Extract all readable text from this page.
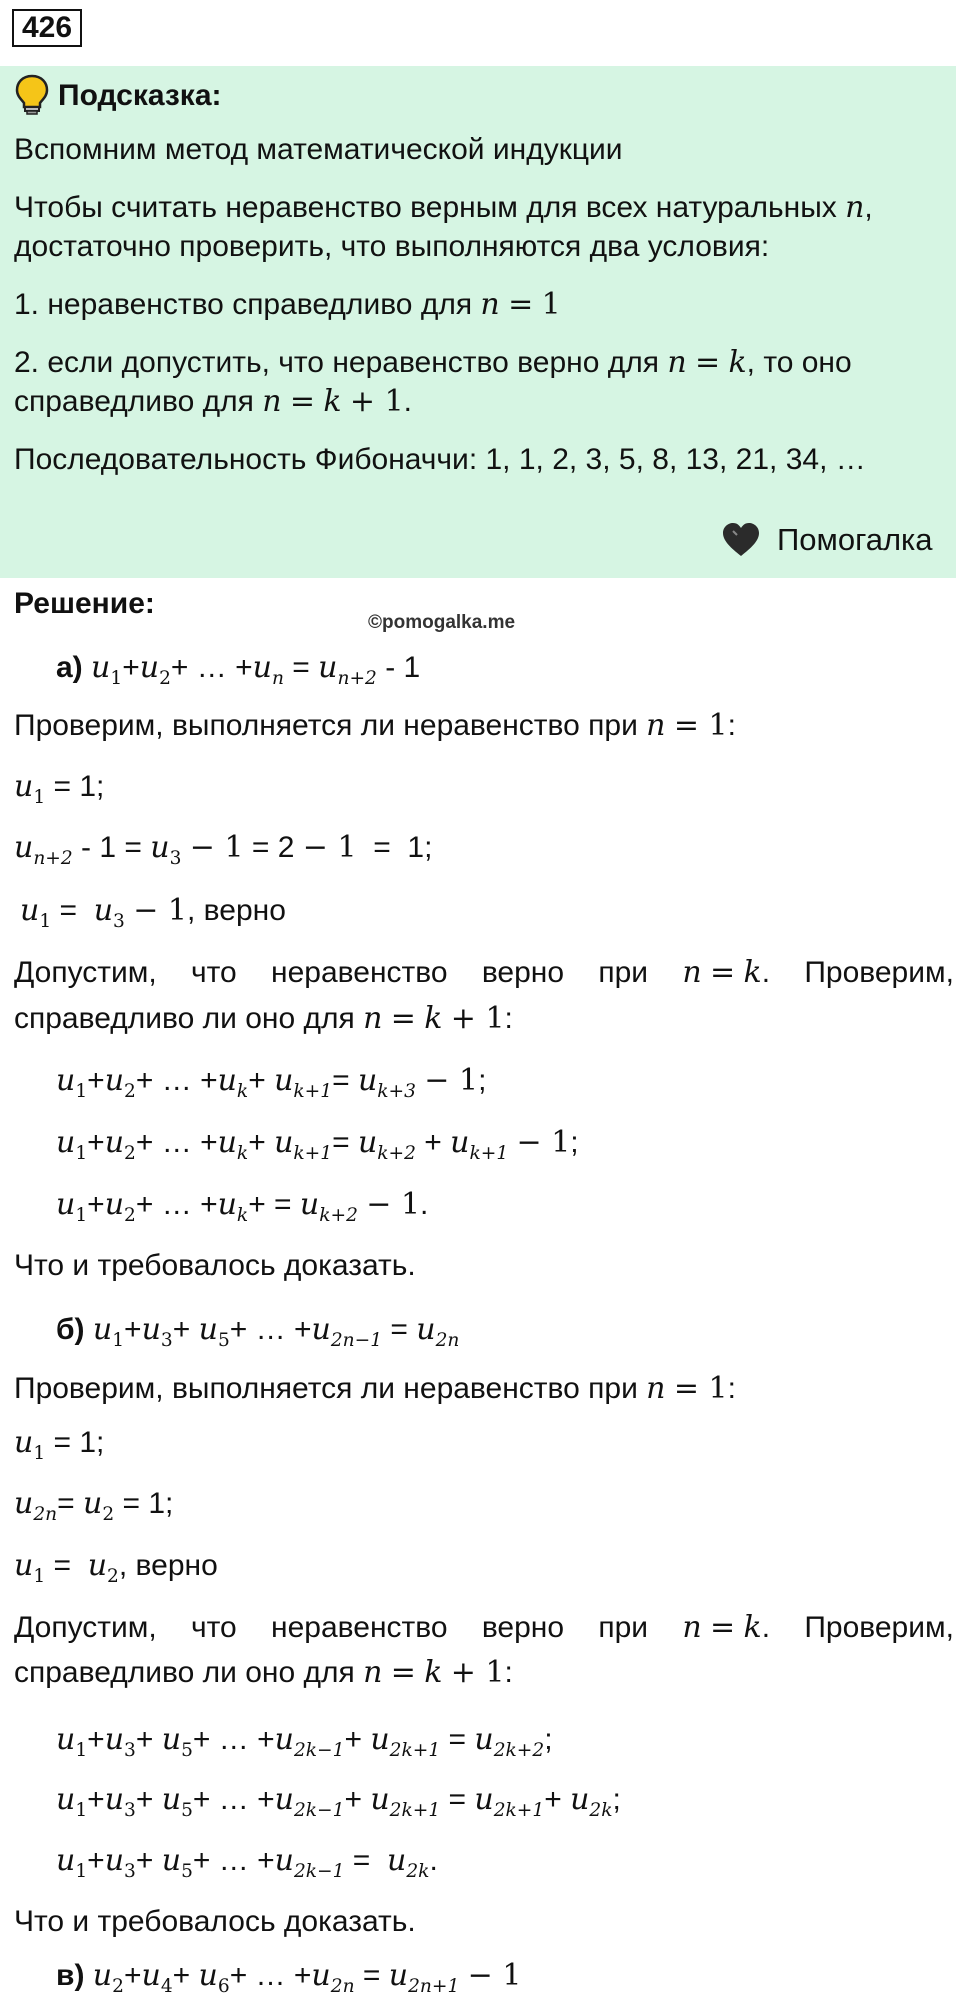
426
Подсказка:
Вспомним метод математической индукции
Чтобы считать неравенство верным для всех натуральных n,
достаточно проверить, что выполняются два условия:
1. неравенство справедливо для n = 1
2. если допустить, что неравенство верно для n = k, то оно
справедливо для n = k + 1.
Последовательность Фибоначчи: 1, 1, 2, 3, 5, 8, 13, 21, 34, …
Помогалка
Решение:
©pomogalka.me
а) $u_1+u_2+$ … $+u_n = u_{n+2} - 1$
Проверим, выполняется ли неравенство при n = 1:
$u_1 = 1$;
$u_{n+2} - 1 = u_3 - 1 = 2 - 1 = 1$;
$u_1 = u_3 - 1$, верно
Допустим, что неравенство верно при n = k. Проверим,
справедливо ли оно для n = k + 1:
$u_1+u_2+$ … $+u_k+ u_{k+1}= u_{k+3} - 1$;
$u_1+u_2+$ … $+u_k+ u_{k+1}= u_{k+2} + u_{k+1} - 1$;
$u_1+u_2+$ … $+u_k+ = u_{k+2} - 1$.
Что и требовалось доказать.
б) $u_1+u_3+ u_5+$ … $+u_{2n-1} = u_{2n}$
Проверим, выполняется ли неравенство при n = 1:
$u_1 = 1$;
$u_{2n}= u_2 = 1$;
$u_1 = u_2$, верно
Допустим, что неравенство верно при n = k. Проверим,
справедливо ли оно для n = k + 1:
$u_1+u_3+ u_5+$ … $+u_{2k-1}+ u_{2k+1} = u_{2k+2}$;
$u_1+u_3+ u_5+$ … $+u_{2k-1}+ u_{2k+1} = u_{2k+1}+ u_{2k}$;
$u_1+u_3+ u_5+$ … $+u_{2k-1} = u_{2k}$.
Что и требовалось доказать.
в) $u_2+u_4+ u_6+$ … $+u_{2n} = u_{2n+1} - 1$
